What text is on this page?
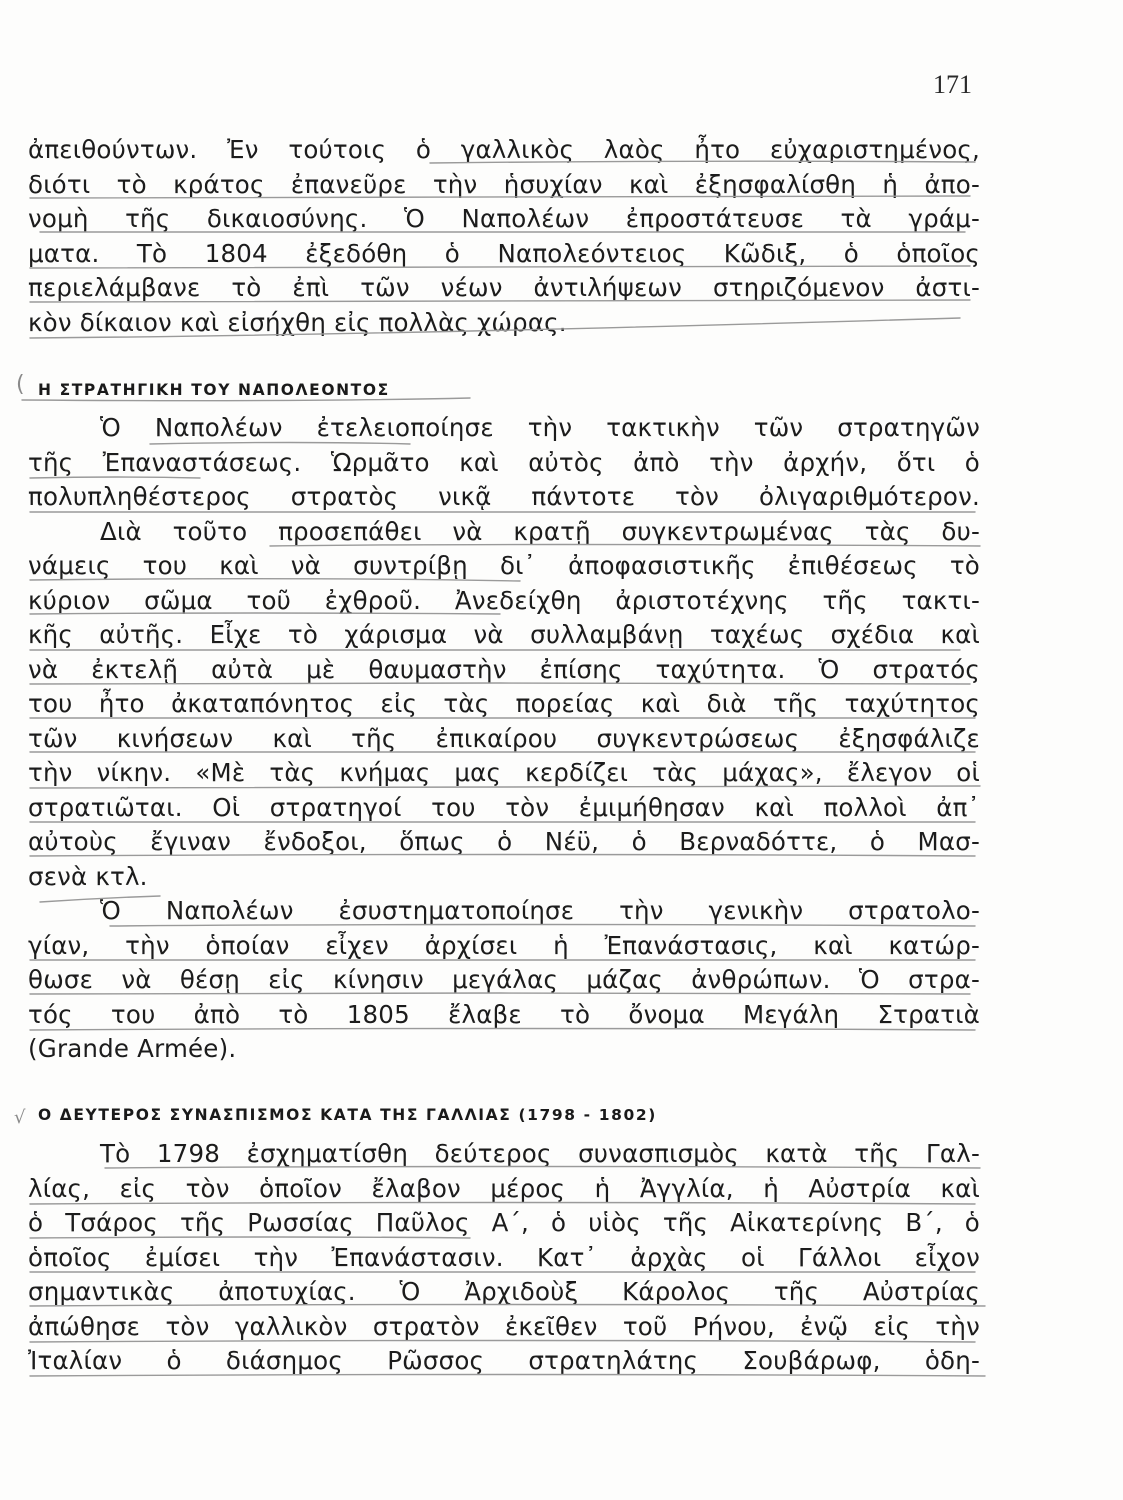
171
ἀπειθούντων. Ἐν τούτοις ὁ γαλλικὸς λαὸς ἦτο εὐχαριστημένος,
διότι τὸ κράτος ἐπανεῦρε τὴν ἡσυχίαν καὶ ἐξησφαλίσθη ἡ ἀπο-
νομὴ τῆς δικαιοσύνης. Ὁ Ναπολέων ἐπροστάτευσε τὰ γράμ-
ματα. Τὸ 1804 ἐξεδόθη ὁ Ναπολεόντειος Κῶδιξ, ὁ ὁποῖος
περιελάμβανε τὸ ἐπὶ τῶν νέων ἀντιλήψεων στηριζόμενον ἀστι-
κὸν δίκαιον καὶ εἰσήχθη εἰς πολλὰς χώρας.
( Η ΣΤΡΑΤΗΓΙΚΗ ΤΟΥ ΝΑΠΟΛΕΟΝΤΟΣ
Ὁ Ναπολέων ἐτελειοποίησε τὴν τακτικὴν τῶν στρατηγῶν
τῆς Ἐπαναστάσεως. Ὡρμᾶτο καὶ αὐτὸς ἀπὸ τὴν ἀρχήν, ὅτι ὁ
πολυπληθέστερος στρατὸς νικᾷ πάντοτε τὸν ὀλιγαριθμότερον.
Διὰ τοῦτο προσεπάθει νὰ κρατῇ συγκεντρωμένας τὰς δυ-
νάμεις του καὶ νὰ συντρίβῃ δι᾿ ἀποφασιστικῆς ἐπιθέσεως τὸ
κύριον σῶμα τοῦ ἐχθροῦ. Ἀνεδείχθη ἀριστοτέχνης τῆς τακτι-
κῆς αὐτῆς. Εἶχε τὸ χάρισμα νὰ συλλαμβάνῃ ταχέως σχέδια καὶ
νὰ ἐκτελῇ αὐτὰ μὲ θαυμαστὴν ἐπίσης ταχύτητα. Ὁ στρατός
του ἦτο ἀκαταπόνητος εἰς τὰς πορείας καὶ διὰ τῆς ταχύτητος
τῶν κινήσεων καὶ τῆς ἐπικαίρου συγκεντρώσεως ἐξησφάλιζε
τὴν νίκην. «Μὲ τὰς κνήμας μας κερδίζει τὰς μάχας», ἔλεγον οἱ
στρατιῶται. Οἱ στρατηγοί του τὸν ἐμιμήθησαν καὶ πολλοὶ ἀπ᾿
αὐτοὺς ἔγιναν ἔνδοξοι, ὅπως ὁ Νέϋ, ὁ Βερναδόττε, ὁ Μασ-
σενὰ κτλ.
Ὁ Ναπολέων ἐσυστηματοποίησε τὴν γενικὴν στρατολο-
γίαν, τὴν ὁποίαν εἶχεν ἀρχίσει ἡ Ἐπανάστασις, καὶ κατώρ-
θωσε νὰ θέσῃ εἰς κίνησιν μεγάλας μάζας ἀνθρώπων. Ὁ στρα-
τός του ἀπὸ τὸ 1805 ἔλαβε τὸ ὄνομα Μεγάλη Στρατιὰ
(Grande Armée).
√ Ο ΔΕΥΤΕΡΟΣ ΣΥΝΑΣΠΙΣΜΟΣ ΚΑΤΑ ΤΗΣ ΓΑΛΛΙΑΣ (1798 - 1802)
Τὸ 1798 ἐσχηματίσθη δεύτερος συνασπισμὸς κατὰ τῆς Γαλ-
λίας, εἰς τὸν ὁποῖον ἔλαβον μέρος ἡ Ἀγγλία, ἡ Αὐστρία καὶ
ὁ Τσάρος τῆς Ρωσσίας Παῦλος Α΄, ὁ υἱὸς τῆς Αἰκατερίνης Β΄, ὁ
ὁποῖος ἐμίσει τὴν Ἐπανάστασιν. Κατ᾿ ἀρχὰς οἱ Γάλλοι εἶχον
σημαντικὰς ἀποτυχίας. Ὁ Ἀρχιδοὺξ Κάρολος τῆς Αὐστρίας
ἀπώθησε τὸν γαλλικὸν στρατὸν ἐκεῖθεν τοῦ Ρήνου, ἐνῷ εἰς τὴν
Ἰταλίαν ὁ διάσημος Ρῶσσος στρατηλάτης Σουβάρωφ, ὁδη-
